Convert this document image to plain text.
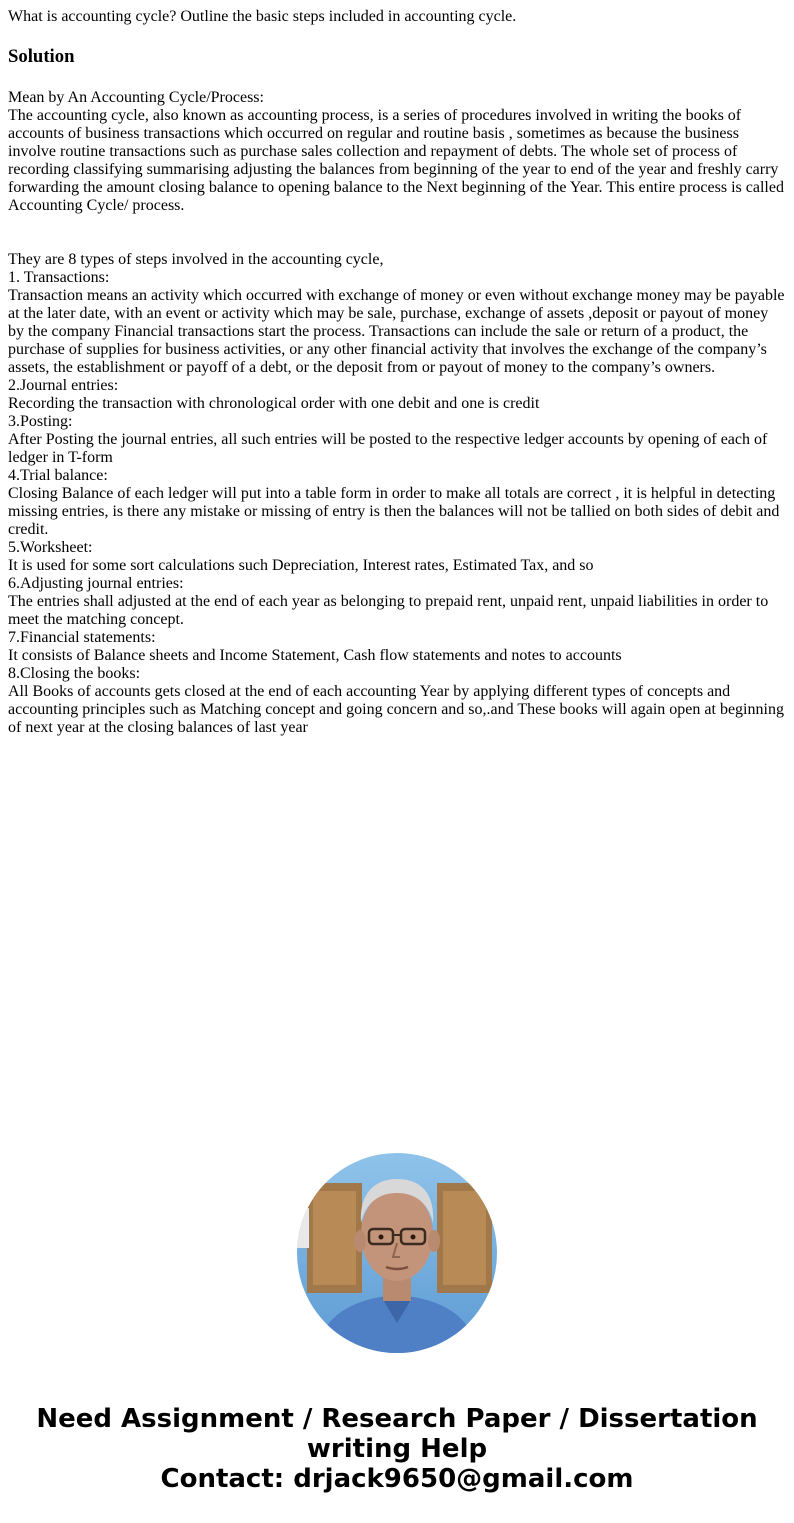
What is accounting cycle? Outline the basic steps included in accounting cycle.

Solution

Mean by An Accounting Cycle/Process:

The accounting cycle, also known as accounting process, is a series of procedures involved in writing the books of accounts of business transactions which occurred on regular and routine basis , sometimes as because the business involve routine transactions such as purchase sales collection and repayment of debts. The whole set of process of recording classifying summarising adjusting the balances from beginning of the year to end of the year and freshly carry forwarding the amount closing balance to opening balance to the Next beginning of the Year. This entire process is called Accounting Cycle/ process.

They are 8 types of steps involved in the accounting cycle,

1. Transactions:

Transaction means an activity which occurred with exchange of money or even without exchange money may be payable at the later date, with an event or activity which may be sale, purchase, exchange of assets ,deposit or payout of money by the company Financial transactions start the process. Transactions can include the sale or return of a product, the purchase of supplies for business activities, or any other financial activity that involves the exchange of the company’s assets, the establishment or payoff of a debt, or the deposit from or payout of money to the company’s owners.

2.Journal entries:

Recording the transaction with chronological order with one debit and one is credit

3.Posting:

After Posting the journal entries, all such entries will be posted to the respective ledger accounts by opening of each of ledger in T-form

4.Trial balance:

Closing Balance of each ledger will put into a table form in order to make all totals are correct , it is helpful in detecting missing entries, is there any mistake or missing of entry is then the balances will not be tallied on both sides of debit and credit.

5.Worksheet:

It is used for some sort calculations such Depreciation, Interest rates, Estimated Tax, and so

6.Adjusting journal entries:

The entries shall adjusted at the end of each year as belonging to prepaid rent, unpaid rent, unpaid liabilities in order to meet the matching concept.

7.Financial statements:

It consists of Balance sheets and Income Statement, Cash flow statements and notes to accounts

8.Closing the books:

All Books of accounts gets closed at the end of each accounting Year by applying different types of concepts and accounting principles such as Matching concept and going concern and so,.and These books will again open at beginning of next year at the closing balances of last year

Need Assignment / Research Paper / Dissertation writing Help
Contact: drjack9650@gmail.com
